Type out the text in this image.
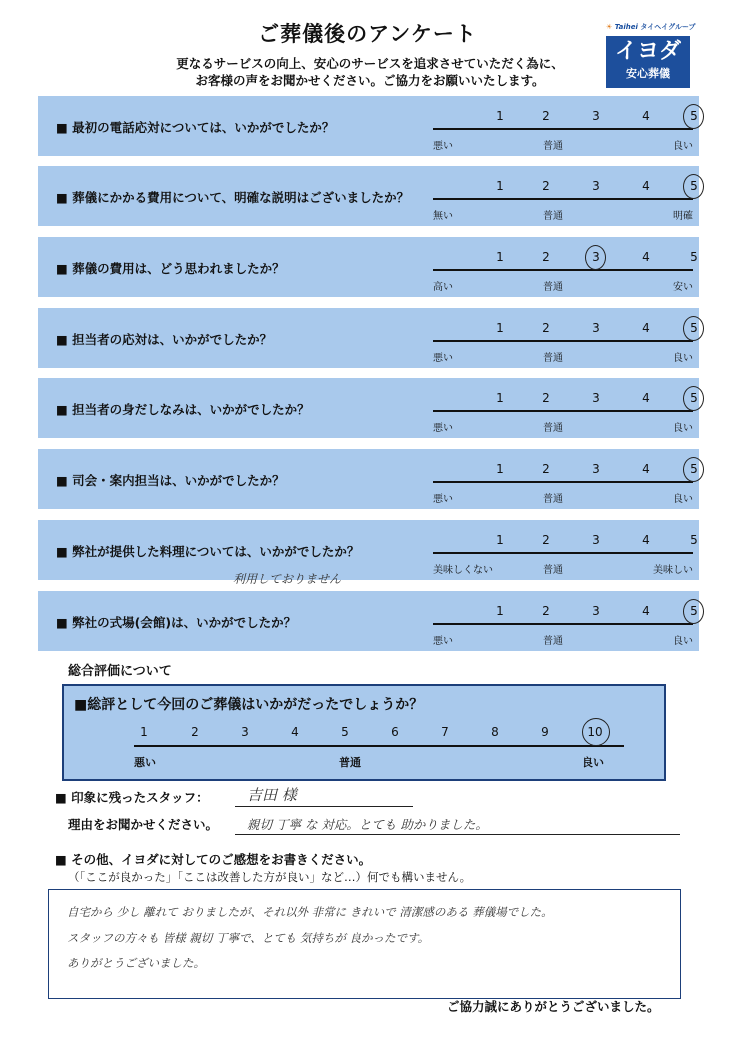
ご葬儀後のアンケート
更なるサービスの向上、安心のサービスを追求させていただく為に、
お客様の声をお聞かせください。ご協力をお願いいたします。
☀ Taihei タイヘイグループ
イヨダ
安心葬儀
■ 最初の電話応対については、いかがでしたか？
1	2	3	4	5
悪い	普通	良い
■ 葬儀にかかる費用について、明確な説明はございましたか？
1	2	3	4	5
無い	普通	明確
■ 葬儀の費用は、どう思われましたか？
1	2	3	4	5
高い	普通	安い
■ 担当者の応対は、いかがでしたか？
1	2	3	4	5
悪い	普通	良い
■ 担当者の身だしなみは、いかがでしたか？
1	2	3	4	5
悪い	普通	良い
■ 司会・案内担当は、いかがでしたか？
1	2	3	4	5
悪い	普通	良い
■ 弊社が提供した料理については、いかがでしたか？
1	2	3	4	5
美味しくない	普通	美味しい
利用しておりません
■ 弊社の式場(会館)は、いかがでしたか？
1	2	3	4	5
悪い	普通	良い
総合評価について
■総評として今回のご葬儀はいかがだったでしょうか？
悪い	普通	良い
1	2	3	4	5	6	7	8	9	10
■ 印象に残ったスタッフ：	吉田 様
理由をお聞かせください。 親切 丁寧 な 対応。とても 助かりました。
■ その他、イヨダに対してのご感想をお書きください。
（「ここが良かった」「ここは改善した方が良い」など…）何でも構いません。
自宅から 少し 離れて おりましたが、それ以外 非常に きれいで 清潔感のある 葬儀場でした。
スタッフの方々も 皆様 親切 丁寧で、とても 気持ちが 良かったです。
ありがとうございました。
ご協力誠にありがとうございました。
